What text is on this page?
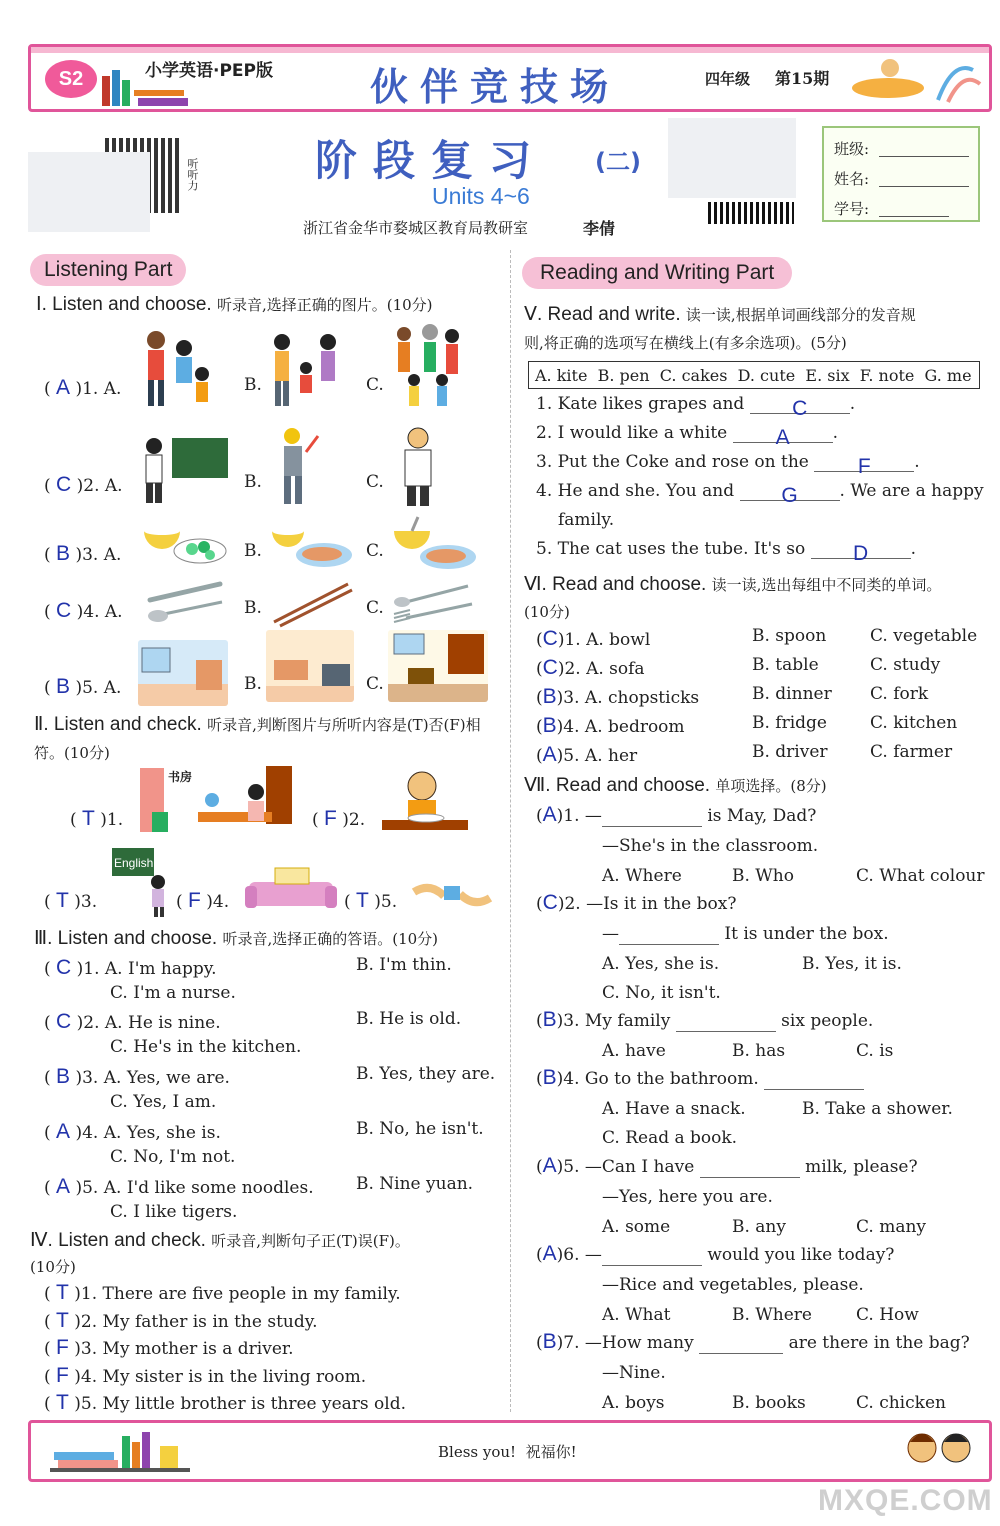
S2	小学英语·PEP版	伙伴竞技场	四年级 第15期
听听力	阶段复习 (二)
Units 4~6
浙江省金华市婺城区教育局教研室	李倩
班级:
姓名:
学号:
Listening Part
Ⅰ. Listen and choose. 听录音,选择正确的图片。(10分)
( A )1. A.	B.	C.
( C )2. A.	B.	C.
( B )3. A.	B.	C.
( C )4. A.	B.	C.
( B )5. A.	B.	C.
Ⅱ. Listen and check. 听录音,判断图片与所听内容是(T)否(F)相符。(10分)
( T )1.
书房
( F )2.
( T )3.
English
( F )4.	( T )5.
Ⅲ. Listen and choose. 听录音,选择正确的答语。(10分)
( C )1. A. I'm happy.	B. I'm thin.
C. I'm a nurse.
( C )2. A. He is nine.	B. He is old.
C. He's in the kitchen.
( B )3. A. Yes, we are.	B. Yes, they are.
C. Yes, I am.
( A )4. A. Yes, she is.	B. No, he isn't.
C. No, I'm not.
( A )5. A. I'd like some noodles. B. Nine yuan.
C. I like tigers.
Ⅳ. Listen and check. 听录音,判断句子正(T)误(F)。
(10分)
( T )1. There are five people in my family.
( T )2. My father is in the study.
( F )3. My mother is a driver.
( F )4. My sister is in the living room.
( T )5. My little brother is three years old.
Reading and Writing Part
Ⅴ. Read and write. 读一读,根据单词画线部分的发音规
则,将正确的选项写在横线上(有多余选项)。(5分)
A. kite  B. pen  C. cakes  D. cute  E. six  F. note  G. me
1. Kate likes grapes and C .
2. I would like a white A	.
3. Put the Coke and rose on the F	.
4. He and she. You and G . We are a happy
family.
5. The cat uses the tube. It's so D .
Ⅵ. Read and choose. 读一读,选出每组中不同类的单词。
(10分)
(C)1. A. bowl	B. spoon	C. vegetable
(C)2. A. sofa	B. table	C. study
(B)3. A. chopsticks	B. dinner C. fork
(B)4. A. bedroom	B. fridge	C. kitchen
(A)5. A. her	B. driver C. farmer
Ⅶ. Read and choose. 单项选择。(8分)
(A)1. —	is May, Dad?
—She's in the classroom.
A. Where	B. Who	C. What colour
(C)2. —Is it in the box?
—	It is under the box.
A. Yes, she is.	B. Yes, it is.
C. No, it isn't.
(B)3. My family	six people.
A. have	B. has	C. is
(B)4. Go to the bathroom.
A. Have a snack.	B. Take a shower.
C. Read a book.
(A)5. —Can I have	milk, please?
—Yes, here you are.
A. some	B. any	C. many
(A)6. —	would you like today?
—Rice and vegetables, please.
A. What	B. Where	C. How
(B)7. —How many	are there in the bag?
—Nine.
A. boys	B. books	C. chicken
Bless you!  祝福你!
MXQE.COM
